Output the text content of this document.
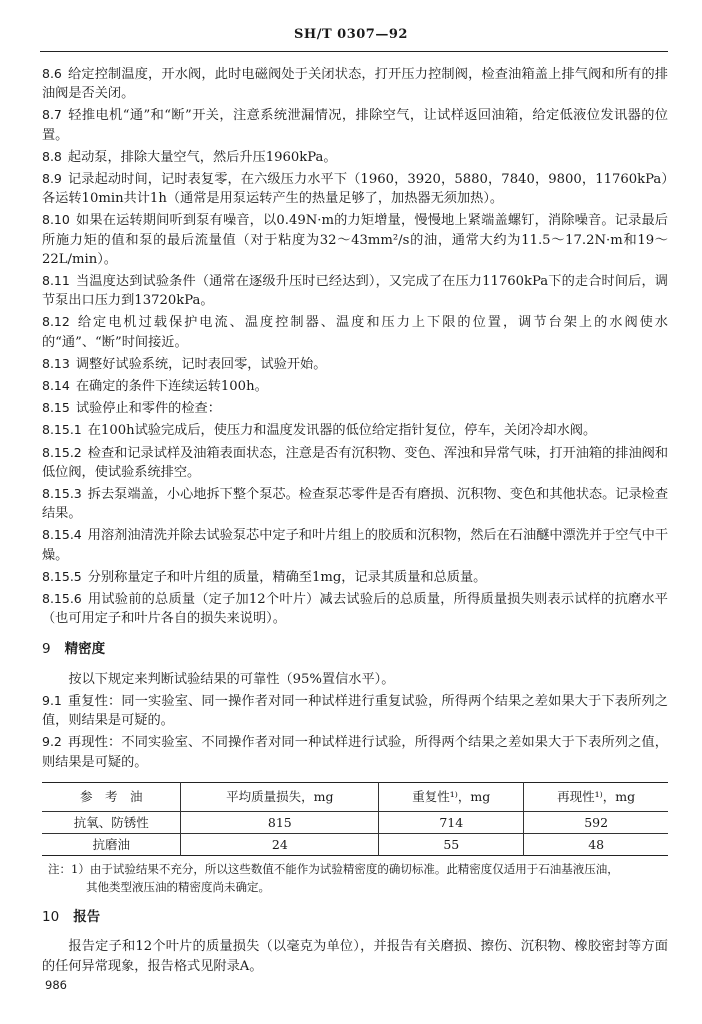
SH/T 0307—92

8.6 给定控制温度，开水阀，此时电磁阀处于关闭状态，打开压力控制阀，检查油箱盖上排气阀和所有的排油阀是否关闭。

8.7 轻推电机“通”和“断”开关，注意系统泄漏情况，排除空气，让试样返回油箱，给定低液位发讯器的位置。

8.8 起动泵，排除大量空气，然后升压1960kPa。

8.9 记录起动时间，记时表复零，在六级压力水平下（1960，3920，5880，7840，9800，11760kPa）各运转10min共计1h（通常是用泵运转产生的热量足够了，加热器无须加热）。

8.10 如果在运转期间听到泵有噪音，以0.49N·m的力矩增量，慢慢地上紧端盖螺钉，消除噪音。记录最后所施力矩的值和泵的最后流量值（对于粘度为32～43mm²/s的油，通常大约为11.5～17.2N·m和19～22L/min）。

8.11 当温度达到试验条件（通常在逐级升压时已经达到），又完成了在压力11760kPa下的走合时间后，调节泵出口压力到13720kPa。

8.12 给定电机过载保护电流、温度控制器、温度和压力上下限的位置，调节台架上的水阀使水的“通”、“断”时间接近。

8.13 调整好试验系统，记时表回零，试验开始。

8.14 在确定的条件下连续运转100h。

8.15 试验停止和零件的检查：

8.15.1 在100h试验完成后，使压力和温度发讯器的低位给定指针复位，停车，关闭冷却水阀。

8.15.2 检查和记录试样及油箱表面状态，注意是否有沉积物、变色、浑浊和异常气味，打开油箱的排油阀和低位阀，使试验系统排空。

8.15.3 拆去泵端盖，小心地拆下整个泵芯。检查泵芯零件是否有磨损、沉积物、变色和其他状态。记录检查结果。

8.15.4 用溶剂油清洗并除去试验泵芯中定子和叶片组上的胶质和沉积物，然后在石油醚中漂洗并于空气中干燥。

8.15.5 分别称量定子和叶片组的质量，精确至1mg，记录其质量和总质量。

8.15.6 用试验前的总质量（定子加12个叶片）减去试验后的总质量，所得质量损失则表示试样的抗磨水平（也可用定子和叶片各自的损失来说明）。

9 精密度

按以下规定来判断试验结果的可靠性（95%置信水平）。

9.1 重复性：同一实验室、同一操作者对同一种试样进行重复试验，所得两个结果之差如果大于下表所列之值，则结果是可疑的。

9.2 再现性：不同实验室、不同操作者对同一种试样进行试验，所得两个结果之差如果大于下表所列之值，则结果是可疑的。

参　考　油	平均质量损失，mg	重复性¹⁾，mg	再现性¹⁾，mg
抗氧、防锈性	815	714	592
抗磨油	24	55	48
注：1）由于试验结果不充分，所以这些数值不能作为试验精密度的确切标准。此精密度仅适用于石油基液压油，
其他类型液压油的精密度尚未确定。
10 报告

报告定子和12个叶片的质量损失（以毫克为单位），并报告有关磨损、擦伤、沉积物、橡胶密封等方面的任何异常现象，报告格式见附录A。

986
